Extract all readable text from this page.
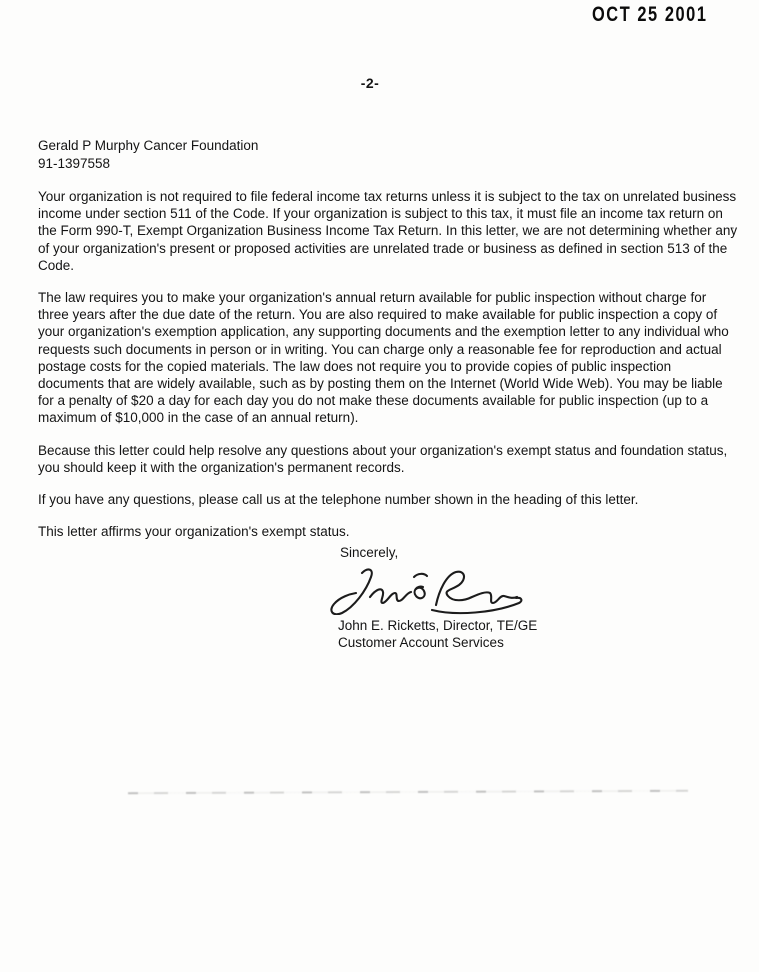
OCT 25 2001
-2-
Gerald P Murphy Cancer Foundation
91-1397558

Your organization is not required to file federal income tax returns unless it is subject to the tax on unrelated business income under section 511 of the Code. If your organization is subject to this tax, it must file an income tax return on the Form 990-T, Exempt Organization Business Income Tax Return. In this letter, we are not determining whether any of your organization's present or proposed activities are unrelated trade or business as defined in section 513 of the Code.

The law requires you to make your organization's annual return available for public inspection without charge for three years after the due date of the return. You are also required to make available for public inspection a copy of your organization's exemption application, any supporting documents and the exemption letter to any individual who requests such documents in person or in writing. You can charge only a reasonable fee for reproduction and actual postage costs for the copied materials. The law does not require you to provide copies of public inspection documents that are widely available, such as by posting them on the Internet (World Wide Web). You may be liable for a penalty of $20 a day for each day you do not make these documents available for public inspection (up to a maximum of $10,000 in the case of an annual return).

Because this letter could help resolve any questions about your organization's exempt status and foundation status, you should keep it with the organization's permanent records.

If you have any questions, please call us at the telephone number shown in the heading of this letter.

This letter affirms your organization's exempt status.

Sincerely,
John E. Ricketts, Director, TE/GE
Customer Account Services
